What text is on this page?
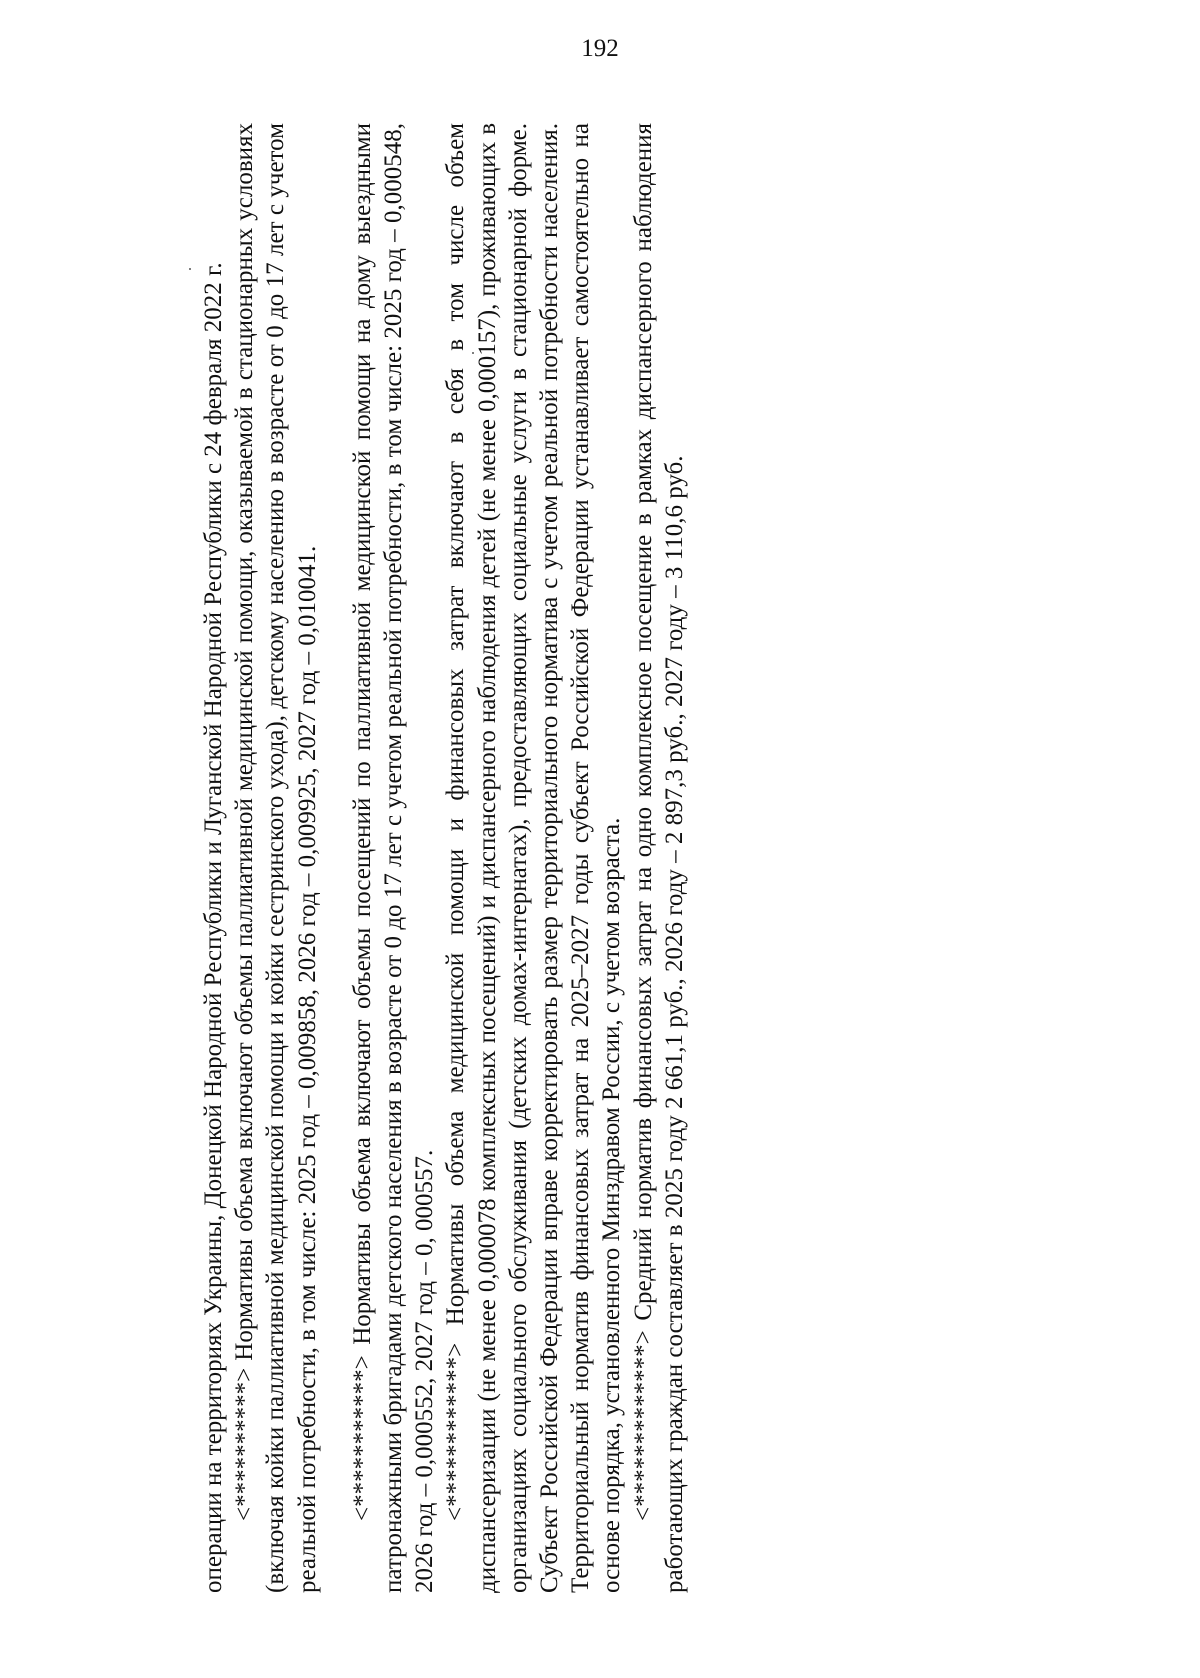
192

операции на территориях Украины, Донецкой Народной Республики и Луганской Народной Республики с 24 февраля 2022 г. <**********> Нормативы объема включают объемы паллиативной медицинской помощи, оказываемой в стационарных условиях (включая койки паллиативной медицинской помощи и койки сестринского ухода), детскому населению в возрасте от 0 до 17 лет с учетом реальной потребности, в том числе: 2025 год – 0,009858, 2026 год – 0,009925, 2027 год – 0,010041. <***********> Нормативы объема включают объемы посещений по паллиативной медицинской помощи на дому выездными патронажными бригадами детского населения в возрасте от 0 до 17 лет с учетом реальной потребности, в том числе: 2025 год – 0,000548, 2026 год – 0,000552, 2027 год – 0, 000557. <************> Нормативы объема медицинской помощи и финансовых затрат включают в себя в том числе объем диспансеризации (не менее 0,000078 комплексных посещений) и диспансерного наблюдения детей (не менее 0,000157), проживающих в организациях социального обслуживания (детских домах-интернатах), предоставляющих социальные услуги в стационарной форме. Субъект Российской Федерации вправе корректировать размер территориального норматива с учетом реальной потребности населения. Территориальный норматив финансовых затрат на 2025–2027 годы субъект Российской Федерации устанавливает самостоятельно на основе порядка, установленного Минздравом России, с учетом возраста. <*************> Средний норматив финансовых затрат на одно комплексное посещение в рамках диспансерного наблюдения работающих граждан составляет в 2025 году 2 661,1 руб., 2026 году – 2 897,3 руб., 2027 году – 3 110,6 руб.
